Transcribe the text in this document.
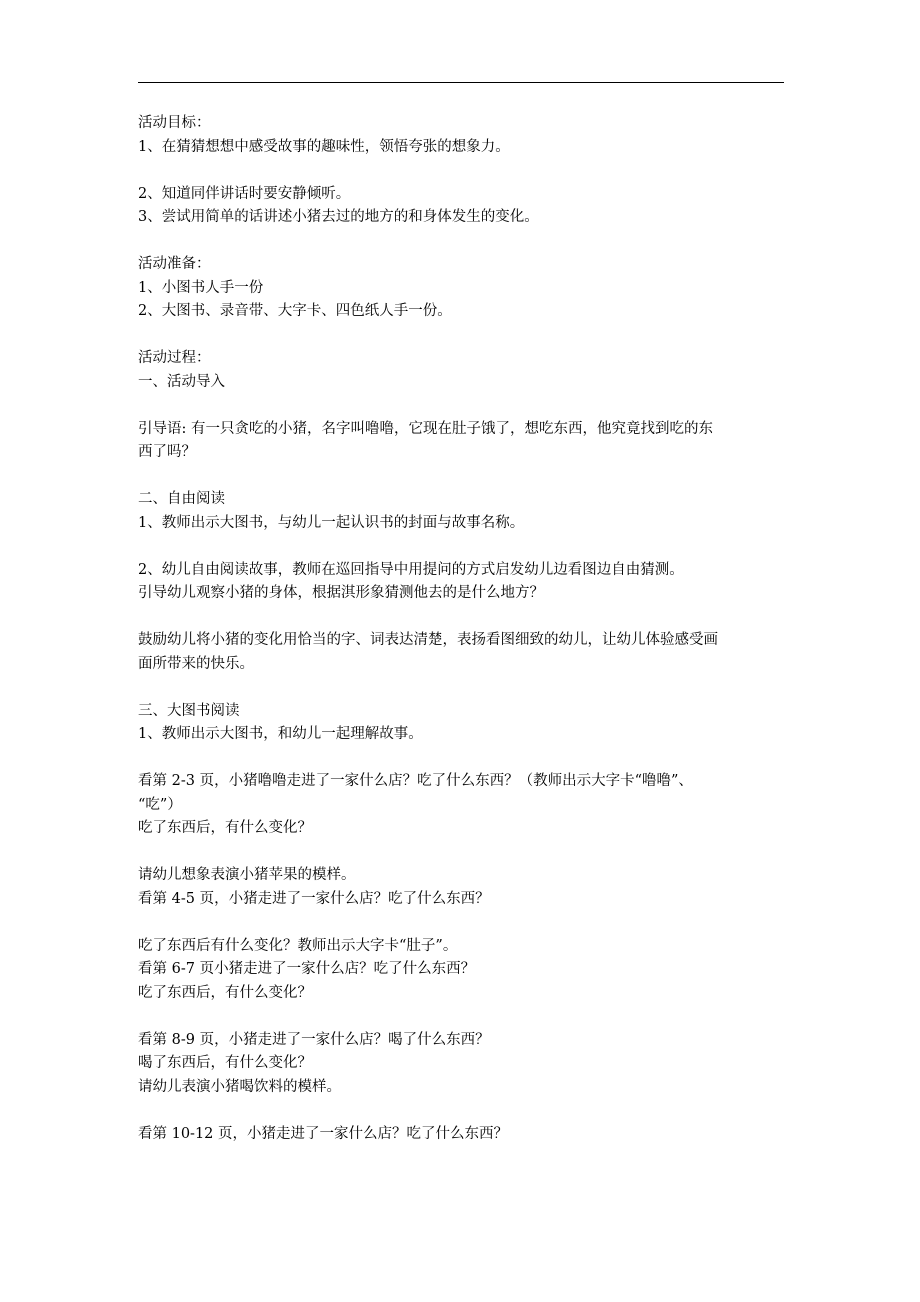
活动目标：

1、在猜猜想想中感受故事的趣味性，领悟夸张的想象力。

2、知道同伴讲话时要安静倾听。

3、尝试用简单的话讲述小猪去过的地方的和身体发生的变化。

活动准备：

1、小图书人手一份

2、大图书、录音带、大字卡、四色纸人手一份。

活动过程：

一、活动导入

引导语: 有一只贪吃的小猪，名字叫噜噜，它现在肚子饿了，想吃东西，他究竟找到吃的东

西了吗？

二、自由阅读

1、教师出示大图书，与幼儿一起认识书的封面与故事名称。

2、幼儿自由阅读故事，教师在巡回指导中用提问的方式启发幼儿边看图边自由猜测。

引导幼儿观察小猪的身体，根据淇形象猜测他去的是什么地方？

鼓励幼儿将小猪的变化用恰当的字、词表达清楚，表扬看图细致的幼儿，让幼儿体验感受画

面所带来的快乐。

三、大图书阅读

1、教师出示大图书，和幼儿一起理解故事。

看第 2-3 页，小猪噜噜走进了一家什么店？吃了什么东西？（教师出示大字卡“噜噜”、

“吃”）

吃了东西后，有什么变化？

请幼儿想象表演小猪苹果的模样。

看第 4-5 页，小猪走进了一家什么店？吃了什么东西？

吃了东西后有什么变化？教师出示大字卡“肚子”。

看第 6-7 页小猪走进了一家什么店？吃了什么东西？

吃了东西后，有什么变化？

看第 8-9 页，小猪走进了一家什么店？喝了什么东西？

喝了东西后，有什么变化？

请幼儿表演小猪喝饮料的模样。

看第 10-12 页，小猪走进了一家什么店？吃了什么东西？
